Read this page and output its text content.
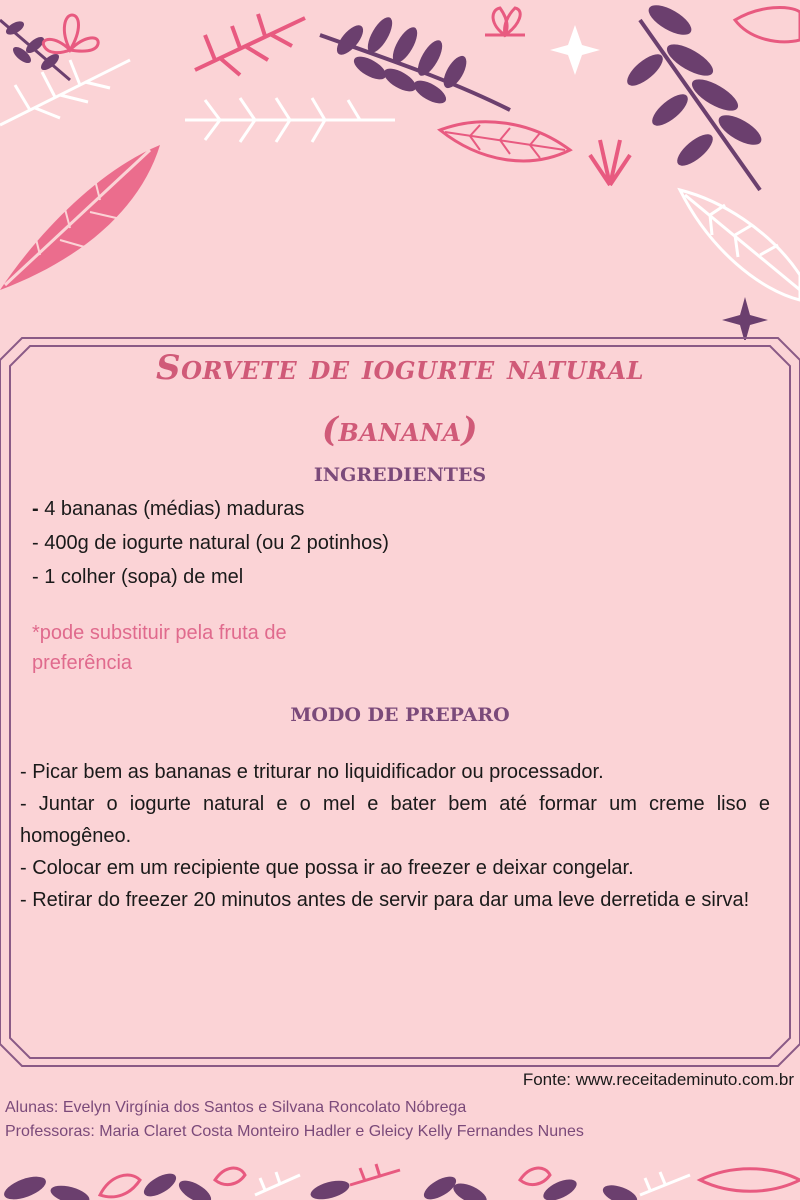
Sorvete de iogurte natural
(banana)
INGREDIENTES
- 4 bananas (médias) maduras
- 400g de iogurte natural (ou 2 potinhos)
- 1 colher (sopa) de mel
*pode substituir pela fruta de
preferência
MODO DE PREPARO

- Picar bem as bananas e triturar no liquidificador ou processador.

- Juntar o iogurte natural e o mel e bater bem até formar um creme liso e homogêneo.

- Colocar em um recipiente que possa ir ao freezer e deixar congelar.

- Retirar do freezer 20 minutos antes de servir para dar uma leve derretida e sirva!

Fonte: www.receitademinuto.com.br
Alunas: Evelyn Virgínia dos Santos e Silvana Roncolato Nóbrega
Professoras: Maria Claret Costa Monteiro Hadler e Gleicy Kelly Fernandes Nunes
